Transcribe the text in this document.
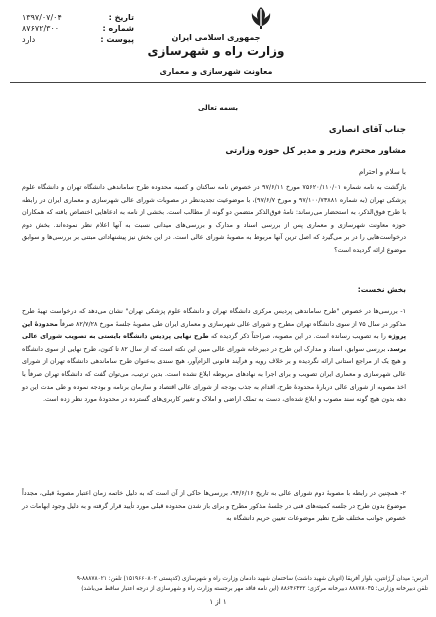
تاریخ :
۱۳۹۷/۰۷/۰۴
شماره :
۸۷۶۷۲/۳۰۰
پیوست :
دارد	جمهوری اسلامی ایران
وزارت راه و شهرسازی
معاونت شهرسازی و معماری
بسمه تعالی
جناب آقای انصاری
مشاور محترم وزیر و مدیر کل حوزه وزارتی
با سلام و احترام

بازگشت به نامه شماره ۷۵۶۲۰/۱۱۰/۰۱ مورخ ۹۷/۶/۱۱ در خصوص نامه ساکنان و کسبه محدوده طرح ساماندهی دانشگاه تهران و دانشگاه علوم پزشکی تهران (به شماره ۹۷/۱۰۰/۷۳۸۸۱ و مورخ ۹۷/۶/۷)، با موضوعیت تجدیدنظر در مصوبات شورای عالی شهرسازی و معماری ایران در رابطه با طرح فوق‌الذکر، به استحضار می‌رساند: نامهٔ فوق‌الذکر متضمن دو گونه از مطالب است. بخشی از نامه به ادعاهایی اختصاص یافته که همکاران حوزه معاونت شهرسازی و معماری پس از بررسی اسناد و مدارک و بررسی‌های میدانی نسبت به آنها اعلام نظر نموده‌اند. بخش دوم درخواست‌هایی را در بر می‌گیرد که اصل ترین آنها مربوط به مصوبهٔ شورای عالی است. در این بخش نیز پیشنهاداتی مبتنی بر بررسی‌ها و سوابق موضوع ارائه گردیده است؟

بخش نخست:

۱- بررسی‌ها در خصوص "طرح ساماندهی پردیس مرکزی دانشگاه تهران و دانشگاه علوم پزشکی تهران" نشان می‌دهد که درخواست تهیهٔ طرح مذکور در سال ۷۵ از سوی دانشگاه تهران مطرح و شورای عالی شهرسازی و معماری ایران طی مصوبهٔ جلسهٔ مورخ ۸۲/۷/۲۸ صرفاً محدودهٔ این پروژه را به تصویب رسانده است. در این مصوبه، صراحتاً ذکر گردیده که طرح نهایی پردیس دانشگاه بایستی به تصویب شورای عالی برسد. بررسی سوابق، اسناد و مدارک این طرح در دبیرخانه شورای عالی مبین این نکته است که از سال ۸۲ تا کنون، طرح نهایی از سوی دانشگاه و هیچ یک از مراجع استانی ارائه نگردیده و بر خلاف رویه و فرآیند قانونی الزام‌آور، هیچ سندی به‌عنوان طرح ساماندهی دانشگاه تهران از شورای عالی شهرسازی و معماری ایران تصویب و برای اجرا به نهادهای مربوطه ابلاغ نشده است. بدین ترتیب، می‌توان گفت که دانشگاه تهران صرفاً با اخذ مصوبه از شورای عالی دربارهٔ محدودهٔ طرح، اقدام به جذب بودجه از شورای عالی اقتصاد و سازمان برنامه و بودجه نموده و طی مدت این دو دهه بدون هیچ گونه سند مصوب و ابلاغ شده‌ای، دست به تملک اراضی و املاک و تغییر کاربری‌های گسترده در محدودهٔ مورد نظر زده است.

۲- همچنین در رابطه با مصوبهٔ دوم شورای عالی به تاریخ ۹۴/۶/۱۶، بررسی‌ها حاکی از آن است که به دلیل خاتمه زمان اعتبار مصوبهٔ قبلی، مجدداً موضوع بدون طرح در جلسه کمیته‌های فنی در جلسهٔ مذکور مطرح و برای باز شدن محدوده قبلی مورد تأیید قرار گرفته و به دلیل وجود ابهامات در خصوص جوانب مختلف طرح نظیر موضوعات تعیین حریم دانشگاه به‌

آدرس: میدان آرژانتین، بلوار آفریقا (اتوبان شهید داشت) ساختمان شهید دادمان وزارت راه و شهرسازی (کدپستی ۱۵۱۹۶۶۰۸۰۲) تلفن: ۸۸۸۷۸۰۲۱-۹
تلفن دبیرخانه وزارتی: ۸۸۸۷۸۰۴۵ دبیرخانه مرکزی: ۸۸۶۴۶۴۳۲ (این نامه فاقد مهر برجسته وزارت راه و شهرسازی از درجه اعتبار ساقط می‌باشد)
۱ از ۱
